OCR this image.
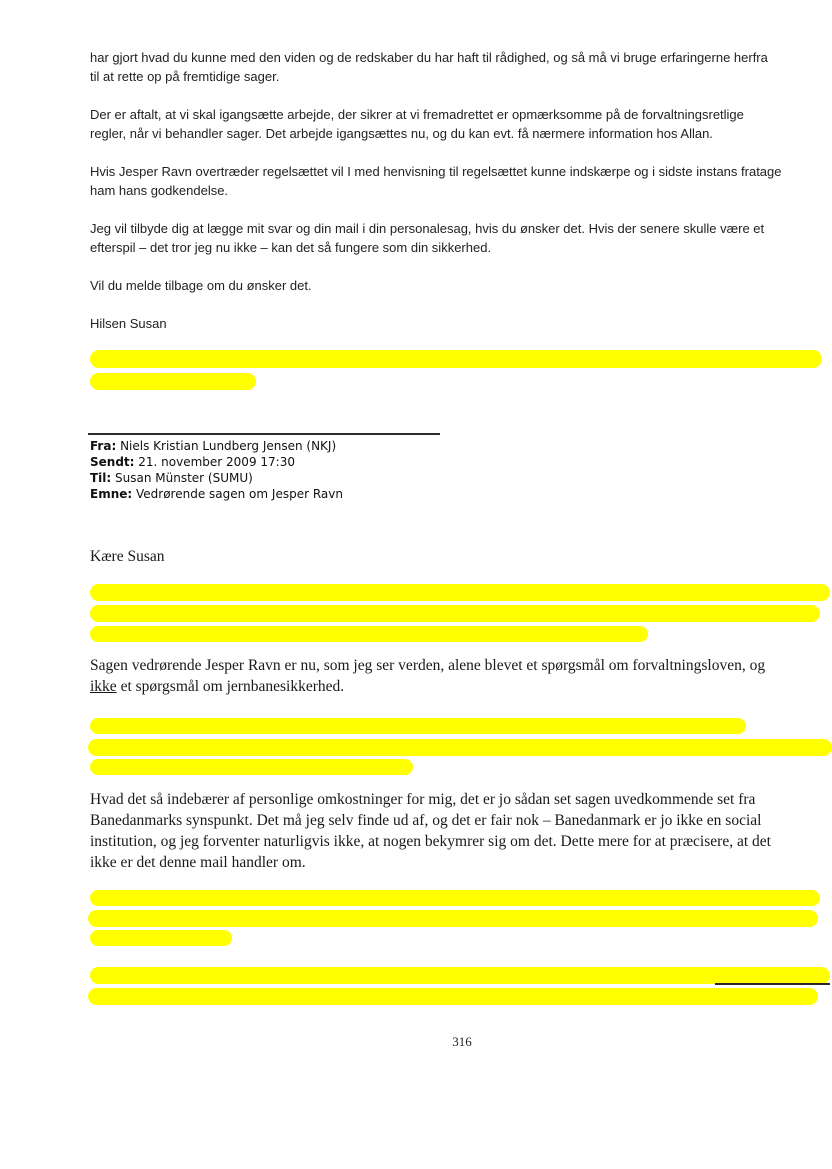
har gjort hvad du kunne med den viden og de redskaber du har haft til rådighed, og så må vi bruge erfaringerne herfra
til at rette op på fremtidige sager.
Der er aftalt, at vi skal igangsætte arbejde, der sikrer at vi fremadrettet er opmærksomme på de forvaltningsretlige
regler, når vi behandler sager. Det arbejde igangsættes nu, og du kan evt. få nærmere information hos Allan.
Hvis Jesper Ravn overtræder regelsættet vil I med henvisning til regelsættet kunne indskærpe og i sidste instans fratage
ham hans godkendelse.
Jeg vil tilbyde dig at lægge mit svar og din mail i din personalesag, hvis du ønsker det. Hvis der senere skulle være et
efterspil – det tror jeg nu ikke – kan det så fungere som din sikkerhed.
Vil du melde tilbage om du ønsker det.
Hilsen Susan
Fra: Niels Kristian Lundberg Jensen (NKJ)
Sendt: 21. november 2009 17:30
Til: Susan Münster (SUMU)
Emne: Vedrørende sagen om Jesper Ravn
Kære Susan
Sagen vedrørende Jesper Ravn er nu, som jeg ser verden, alene blevet et spørgsmål om forvaltningsloven, og
ikke et spørgsmål om jernbanesikkerhed.
Hvad det så indebærer af personlige omkostninger for mig, det er jo sådan set sagen uvedkommende set fra
Banedanmarks synspunkt. Det må jeg selv finde ud af, og det er fair nok – Banedanmark er jo ikke en social
institution, og jeg forventer naturligvis ikke, at nogen bekymrer sig om det. Dette mere for at præcisere, at det
ikke er det denne mail handler om.
316
